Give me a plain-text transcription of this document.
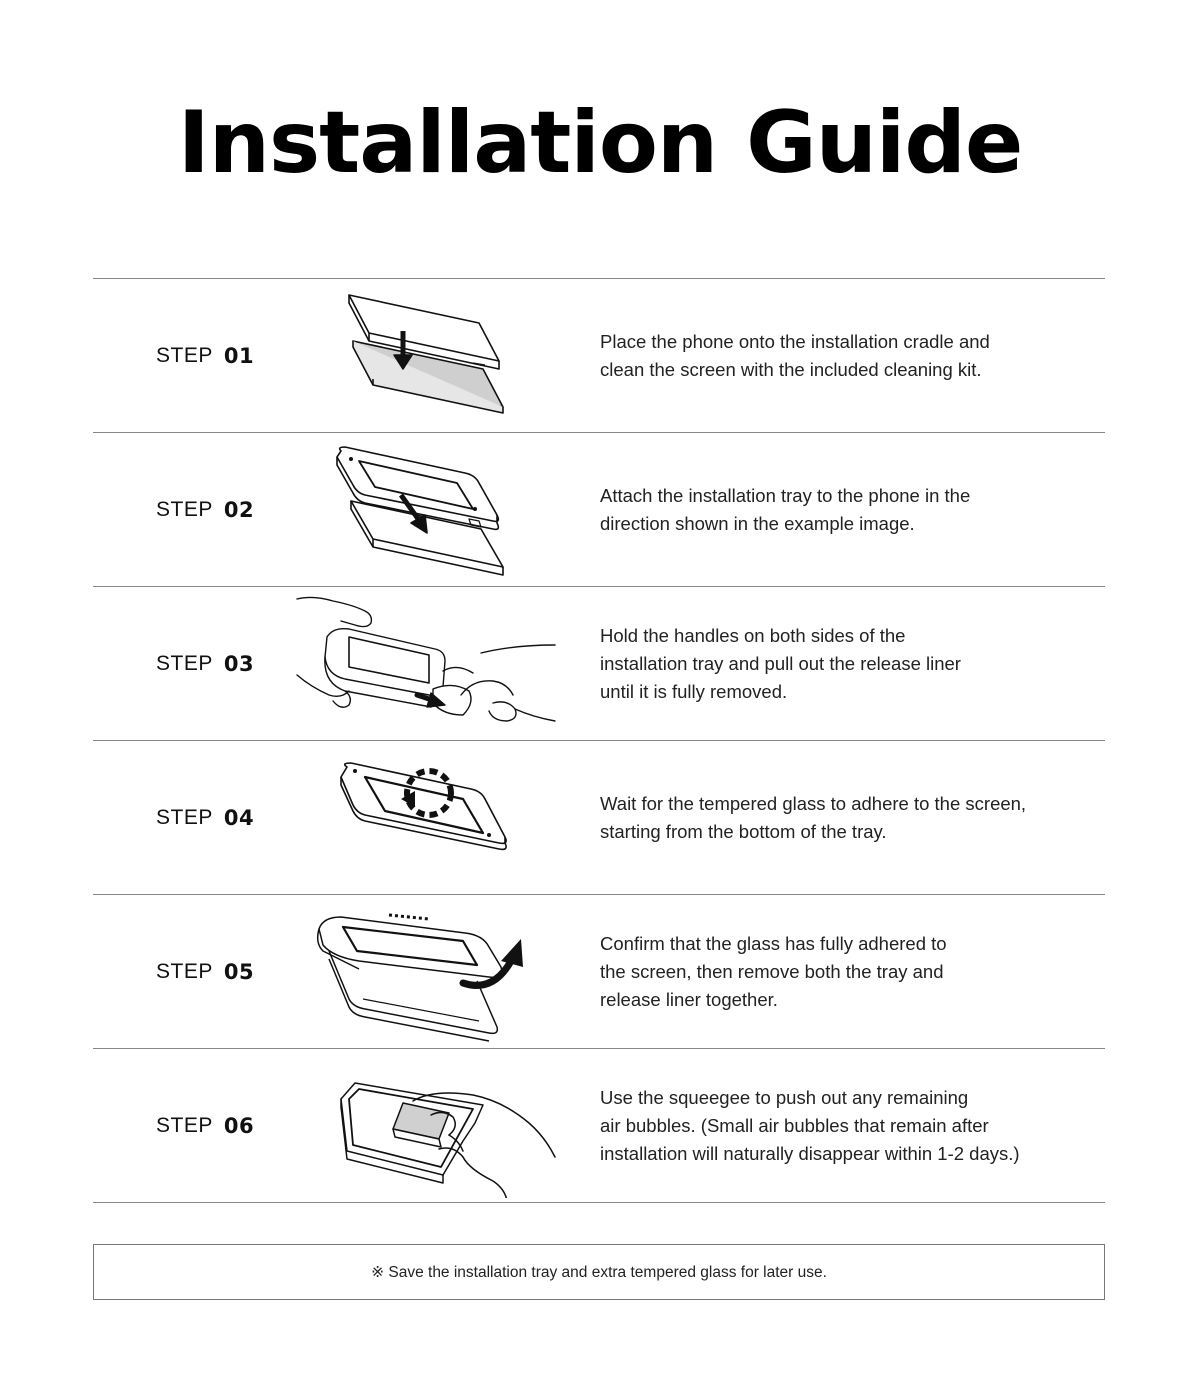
Installation Guide
STEP 01

Place the phone onto the installation cradle and
clean the screen with the included cleaning kit.

STEP 02

Attach the installation tray to the phone in the
direction shown in the example image.

STEP 03

Hold the handles on both sides of the
installation tray and pull out the release liner
until it is fully removed.

STEP 04

Wait for the tempered glass to adhere to the screen,
starting from the bottom of the tray.

STEP 05

Confirm that the glass has fully adhered to
the screen, then remove both the tray and
release liner together.

STEP 06

Use the squeegee to push out any remaining
air bubbles. (Small air bubbles that remain after
installation will naturally disappear within 1-2 days.)

※ Save the installation tray and extra tempered glass for later use.
